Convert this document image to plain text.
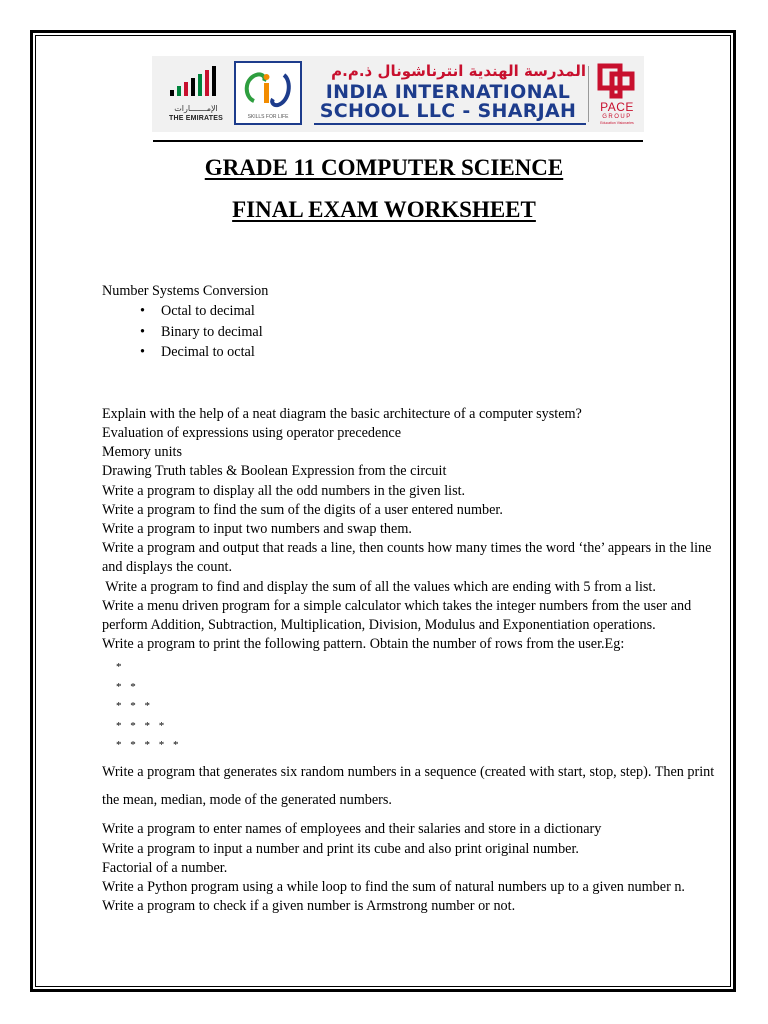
الإمـــــــارات
THE EMIRATES	SKILLS FOR LIFE
المدرسة الهندية انترناشونال ذ.م.م
INDIA INTERNATIONAL
SCHOOL LLC - SHARJAH	PACE
GROUP
Education Visionaries
GRADE 11 COMPUTER SCIENCE
FINAL EXAM WORKSHEET

Number Systems Conversion

• Octal to decimal
• Binary to decimal
• Decimal to octal

Explain with the help of a neat diagram the basic architecture of a computer system?

Evaluation of expressions using operator precedence

Memory units

Drawing Truth tables & Boolean Expression from the circuit

Write a program to display all the odd numbers in the given list.

Write a program to find the sum of the digits of a user entered number.

Write a program to input two numbers and swap them.

Write a program and output that reads a line, then counts how many times the word ‘the’ appears in the line and displays the count.

Write a program to find and display the sum of all the values which are ending with 5 from a list.

Write a menu driven program for a simple calculator which takes the integer numbers from the user and perform Addition, Subtraction, Multiplication, Division, Modulus and Exponentiation operations.

Write a program to print the following pattern. Obtain the number of rows from the user.Eg:

*
* *
* * *
* * * *
* * * * *

Write a program that generates six random numbers in a sequence (created with start, stop, step). Then print the mean, median, mode of the generated numbers.

Write a program to enter names of employees and their salaries and store in a dictionary

Write a program to input a number and print its cube and also print original number.

Factorial of a number.

Write a Python program using a while loop to find the sum of natural numbers up to a given number n.

Write a program to check if a given number is Armstrong number or not.
